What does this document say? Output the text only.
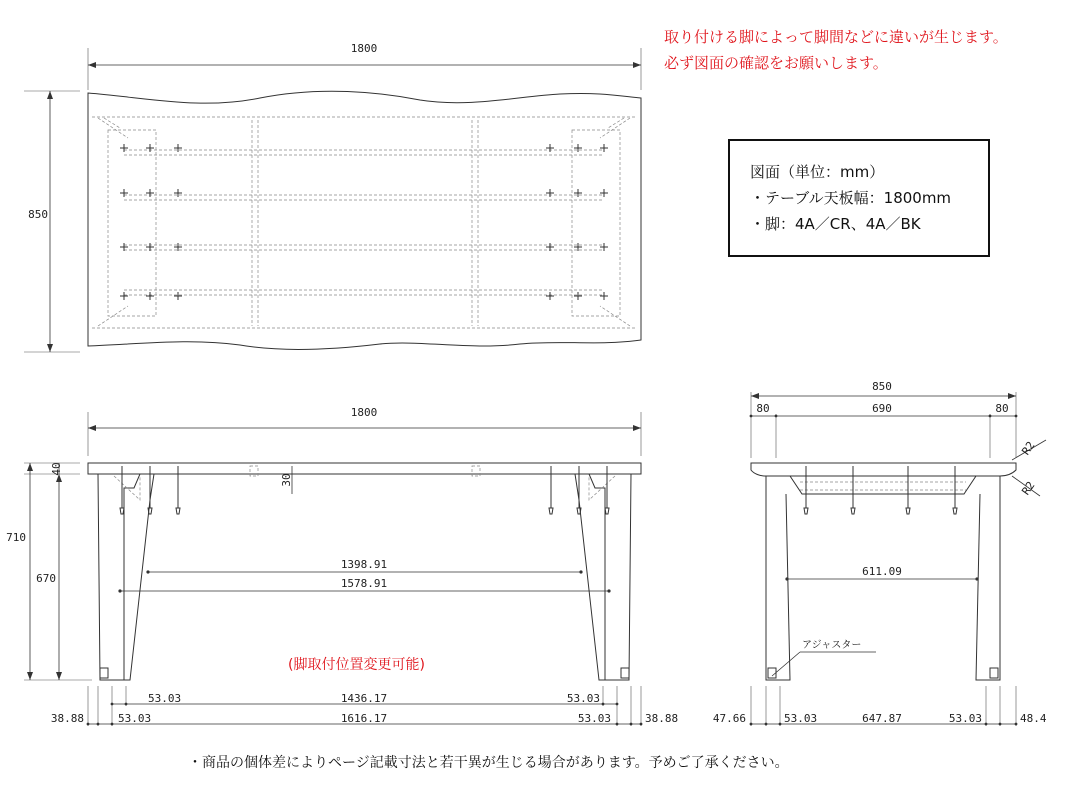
取り付ける脚によって脚間などに違いが生じます。
必ず図面の確認をお願いします。
図面（単位：mm）
・テーブル天板幅：1800mm
・脚：4A／CR、4A／BK
(脚取付位置変更可能)
・商品の個体差によりページ記載寸法と若干異が生じる場合があります。予めご了承ください。
1800
850
1800
40
710
670
30
1398.91
1578.91
53.03	1436.17	53.03
38.88	53.03	1616.17	53.03	38.88
850
80	690	80
R2
R2
611.09
アジャスター
47.66	53.03	647.87	53.03	48.4
